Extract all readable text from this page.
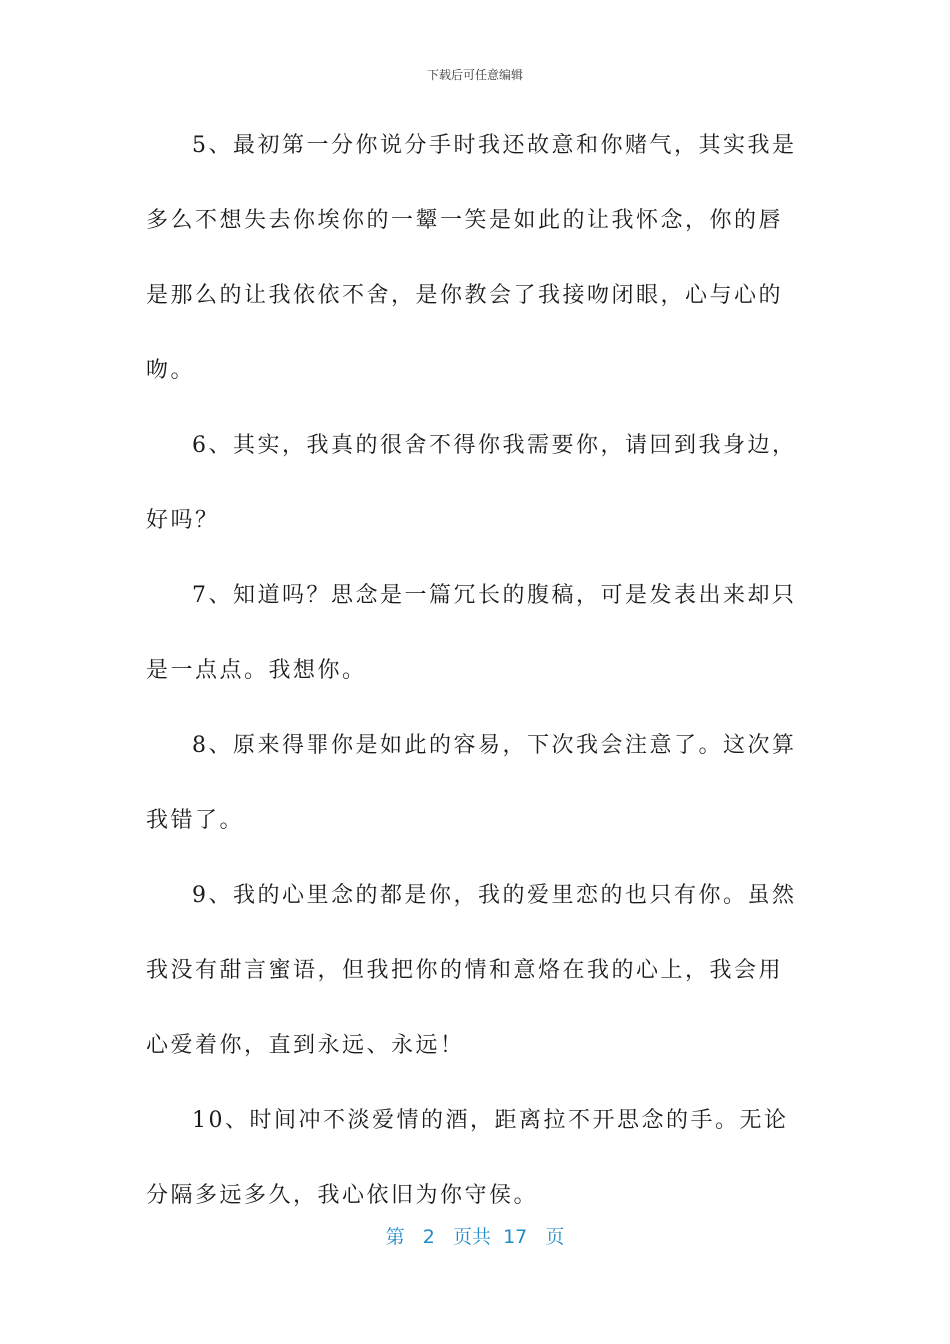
下载后可任意编辑

5、最初第一分你说分手时我还故意和你赌气，其实我是多么不想失去你埃你的一颦一笑是如此的让我怀念，你的唇是那么的让我依依不舍，是你教会了我接吻闭眼，心与心的吻。

6、其实，我真的很舍不得你我需要你，请回到我身边，好吗？

7、知道吗？思念是一篇冗长的腹稿，可是发表出来却只是一点点。我想你。

8、原来得罪你是如此的容易，下次我会注意了。这次算我错了。

9、我的心里念的都是你，我的爱里恋的也只有你。虽然我没有甜言蜜语，但我把你的情和意烙在我的心上，我会用心爱着你，直到永远、永远！

10、时间冲不淡爱情的酒，距离拉不开思念的手。无论分隔多远多久，我心依旧为你守侯。

第 2 页共 17 页
